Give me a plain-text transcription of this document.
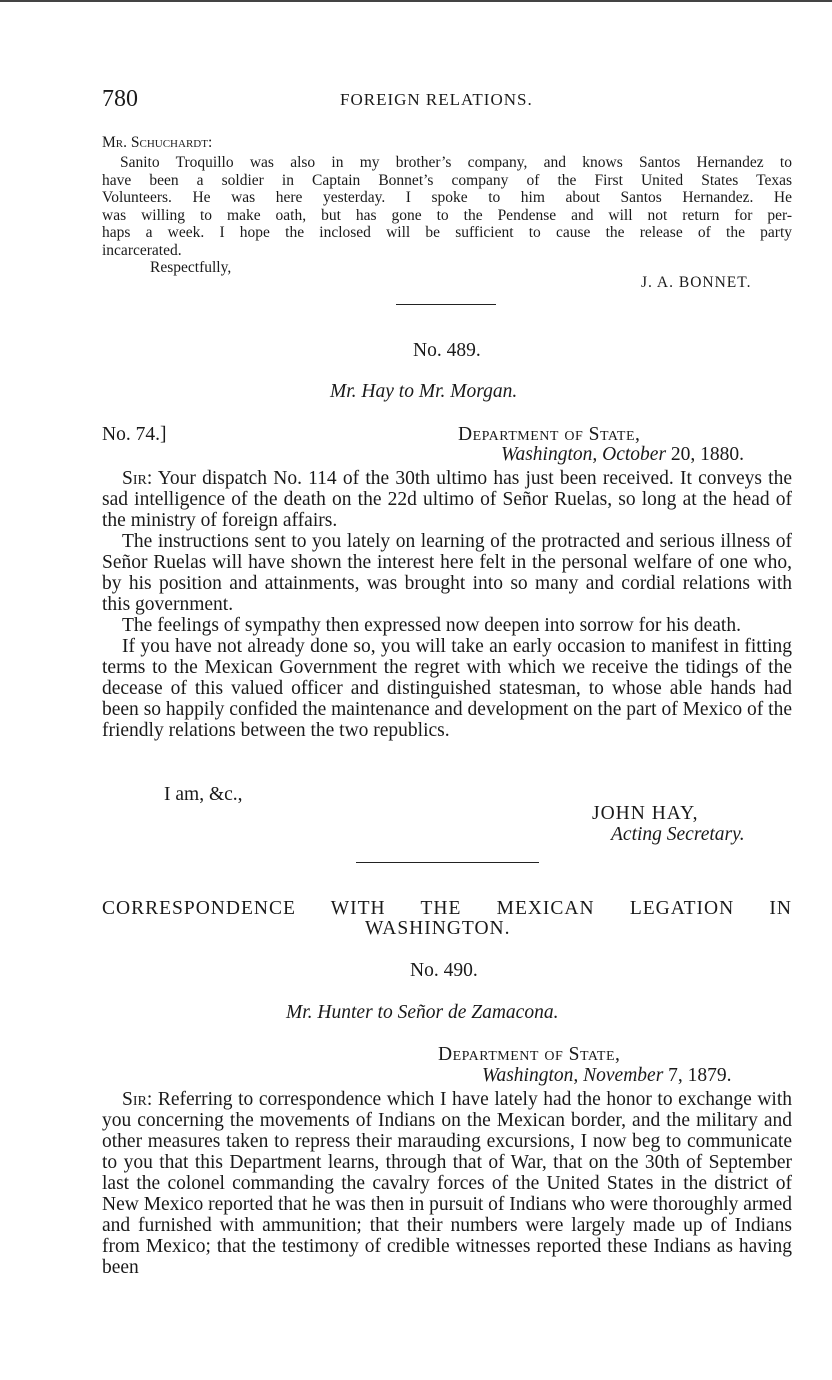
780	FOREIGN RELATIONS.
Mr. Schuchardt:
Sanito Troquillo was also in my brother’s company, and knows Santos Hernandez to
have been a soldier in Captain Bonnet’s company of the First United States Texas
Volunteers. He was here yesterday. I spoke to him about Santos Hernandez. He
was willing to make oath, but has gone to the Pendense and will not return for per-
haps a week. I hope the inclosed will be sufficient to cause the release of the party
incarcerated.
Respectfully,
J. A. BONNET.
No. 489.
Mr. Hay to Mr. Morgan.
No. 74.]	Department of State,
Washington, October 20, 1880.

Sir: Your dispatch No. 114 of the 30th ultimo has just been received. It conveys the sad intelligence of the death on the 22d ultimo of Señor Ruelas, so long at the head of the ministry of foreign affairs.

The instructions sent to you lately on learning of the protracted and serious illness of Señor Ruelas will have shown the interest here felt in the personal welfare of one who, by his position and attainments, was brought into so many and cordial relations with this government.

The feelings of sympathy then expressed now deepen into sorrow for his death.

If you have not already done so, you will take an early occasion to manifest in fitting terms to the Mexican Government the regret with which we receive the tidings of the decease of this valued officer and distinguished statesman, to whose able hands had been so happily confided the maintenance and development on the part of Mexico of the friendly relations between the two republics.

I am, &c.,
JOHN HAY,
Acting Secretary.
CORRESPONDENCE WITH THE MEXICAN LEGATION IN
WASHINGTON.
No. 490.
Mr. Hunter to Señor de Zamacona.
Department of State,
Washington, November 7, 1879.

Sir: Referring to correspondence which I have lately had the honor to exchange with you concerning the movements of Indians on the Mexican border, and the military and other measures taken to repress their marauding excursions, I now beg to communicate to you that this Department learns, through that of War, that on the 30th of September last the colonel commanding the cavalry forces of the United States in the district of New Mexico reported that he was then in pursuit of Indians who were thoroughly armed and furnished with ammunition; that their numbers were largely made up of Indians from Mexico; that the testimony of credible witnesses reported these Indians as having been
